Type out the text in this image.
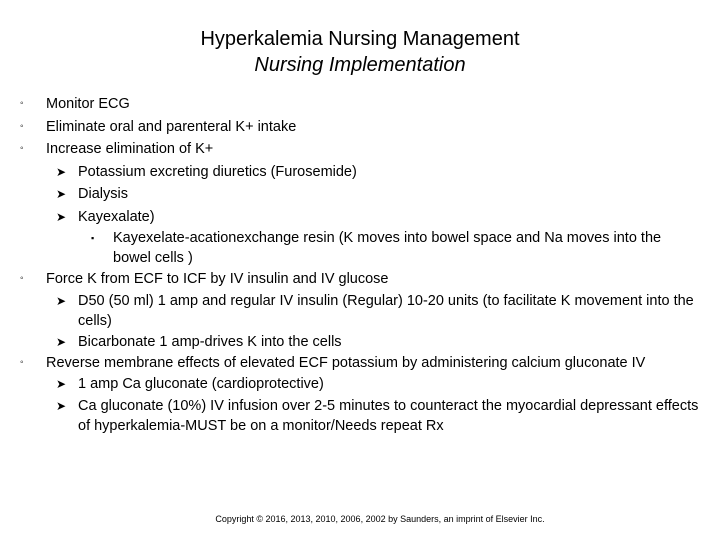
Hyperkalemia Nursing Management
Nursing Implementation
◦ Monitor ECG
◦ Eliminate oral and parenteral K+ intake
◦ Increase elimination of K+
➤ Potassium excreting diuretics (Furosemide)
➤ Dialysis
➤ Kayexalate)
▪ Kayexelate-acationexchange resin (K moves into bowel space and Na moves into the bowel cells )
◦ Force K from ECF to ICF by IV insulin and IV glucose
➤ D50 (50 ml) 1 amp and regular IV insulin (Regular) 10-20 units (to facilitate K movement into the cells)
➤ Bicarbonate 1 amp-drives K into the cells
◦ Reverse membrane effects of elevated ECF potassium by administering calcium gluconate IV
➤ 1 amp Ca gluconate (cardioprotective)
➤ Ca gluconate (10%) IV infusion over 2-5 minutes to counteract the myocardial depressant effects of hyperkalemia-MUST be on a monitor/Needs repeat Rx
Copyright © 2016, 2013, 2010, 2006, 2002 by Saunders, an imprint of Elsevier Inc.
